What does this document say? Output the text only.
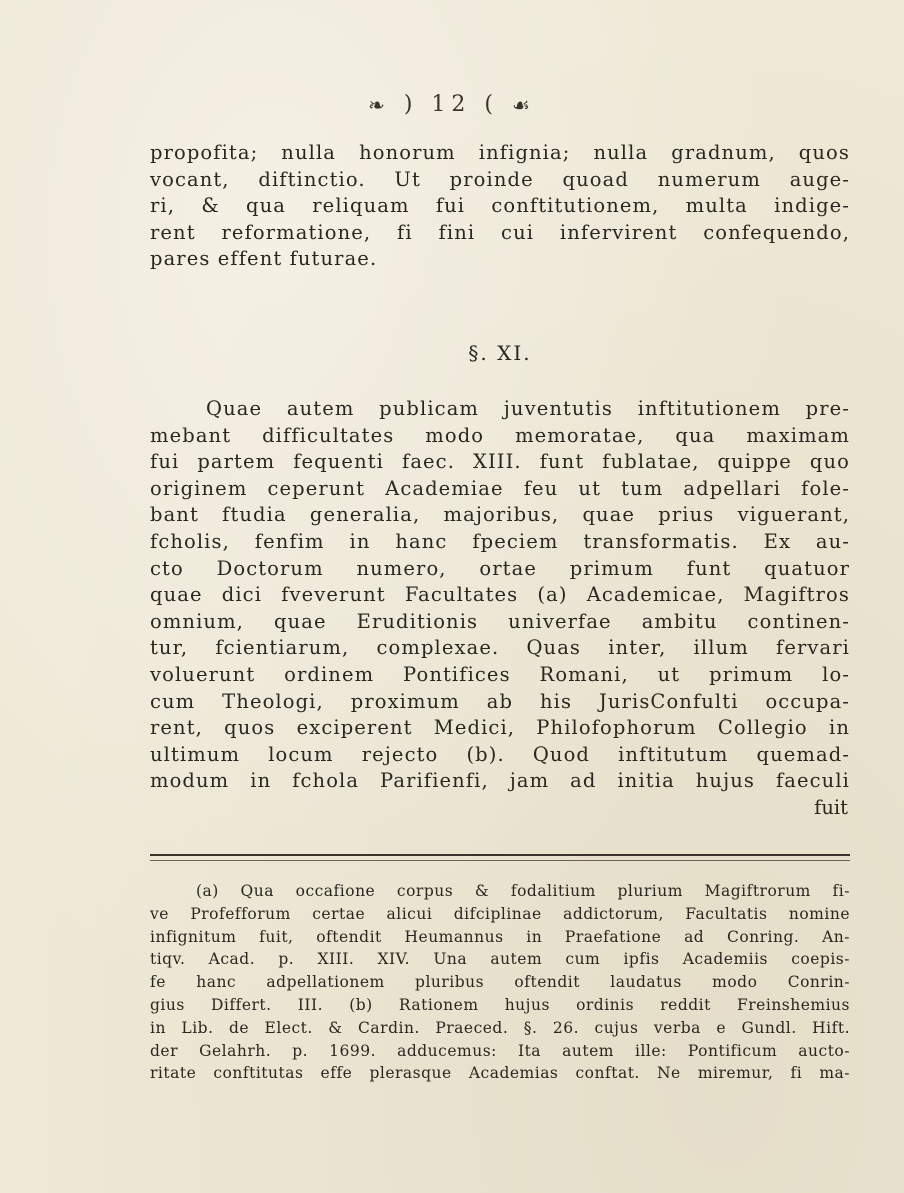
❧ ) 12 ( ☙
propofita; nulla honorum infignia; nulla gradnum, quos
vocant, diftinctio. Ut proinde quoad numerum auge-
ri, & qua reliquam fui conftitutionem, multa indige-
rent reformatione, fi fini cui infervirent confequendo,
pares effent futurae.
§. XI.
Quae autem publicam juventutis inftitutionem pre-
mebant difficultates modo memoratae, qua maximam
fui partem fequenti faec. XIII. funt fublatae, quippe quo
originem ceperunt Academiae feu ut tum adpellari fole-
bant ftudia generalia, majoribus, quae prius viguerant,
fcholis, fenfim in hanc fpeciem transformatis. Ex au-
cto Doctorum numero, ortae primum funt quatuor
quae dici fveverunt Facultates (a) Academicae, Magiftros
omnium, quae Eruditionis univerfae ambitu continen-
tur, fcientiarum, complexae. Quas inter, illum fervari
voluerunt ordinem Pontifices Romani, ut primum lo-
cum Theologi, proximum ab his JurisConfulti occupa-
rent, quos exciperent Medici, Philofophorum Collegio in
ultimum locum rejecto (b). Quod inftitutum quemad-
modum in fchola Parifienfi, jam ad initia hujus faeculi
fuit
(a) Qua occafione corpus & fodalitium plurium Magiftrorum fi-
ve Profefforum certae alicui difciplinae addictorum, Facultatis nomine
infignitum fuit, oftendit Heumannus in Praefatione ad Conring. An-
tiqv. Acad. p. XIII. XIV. Una autem cum ipfis Academiis coepis-
fe hanc adpellationem pluribus oftendit laudatus modo Conrin-
gius Differt. III. (b) Rationem hujus ordinis reddit Freinshemius
in Lib. de Elect. & Cardin. Praeced. §. 26. cujus verba e Gundl. Hift.
der Gelahrh. p. 1699. adducemus: Ita autem ille: Pontificum aucto-
ritate conftitutas effe plerasque Academias conftat. Ne miremur, fi ma-
